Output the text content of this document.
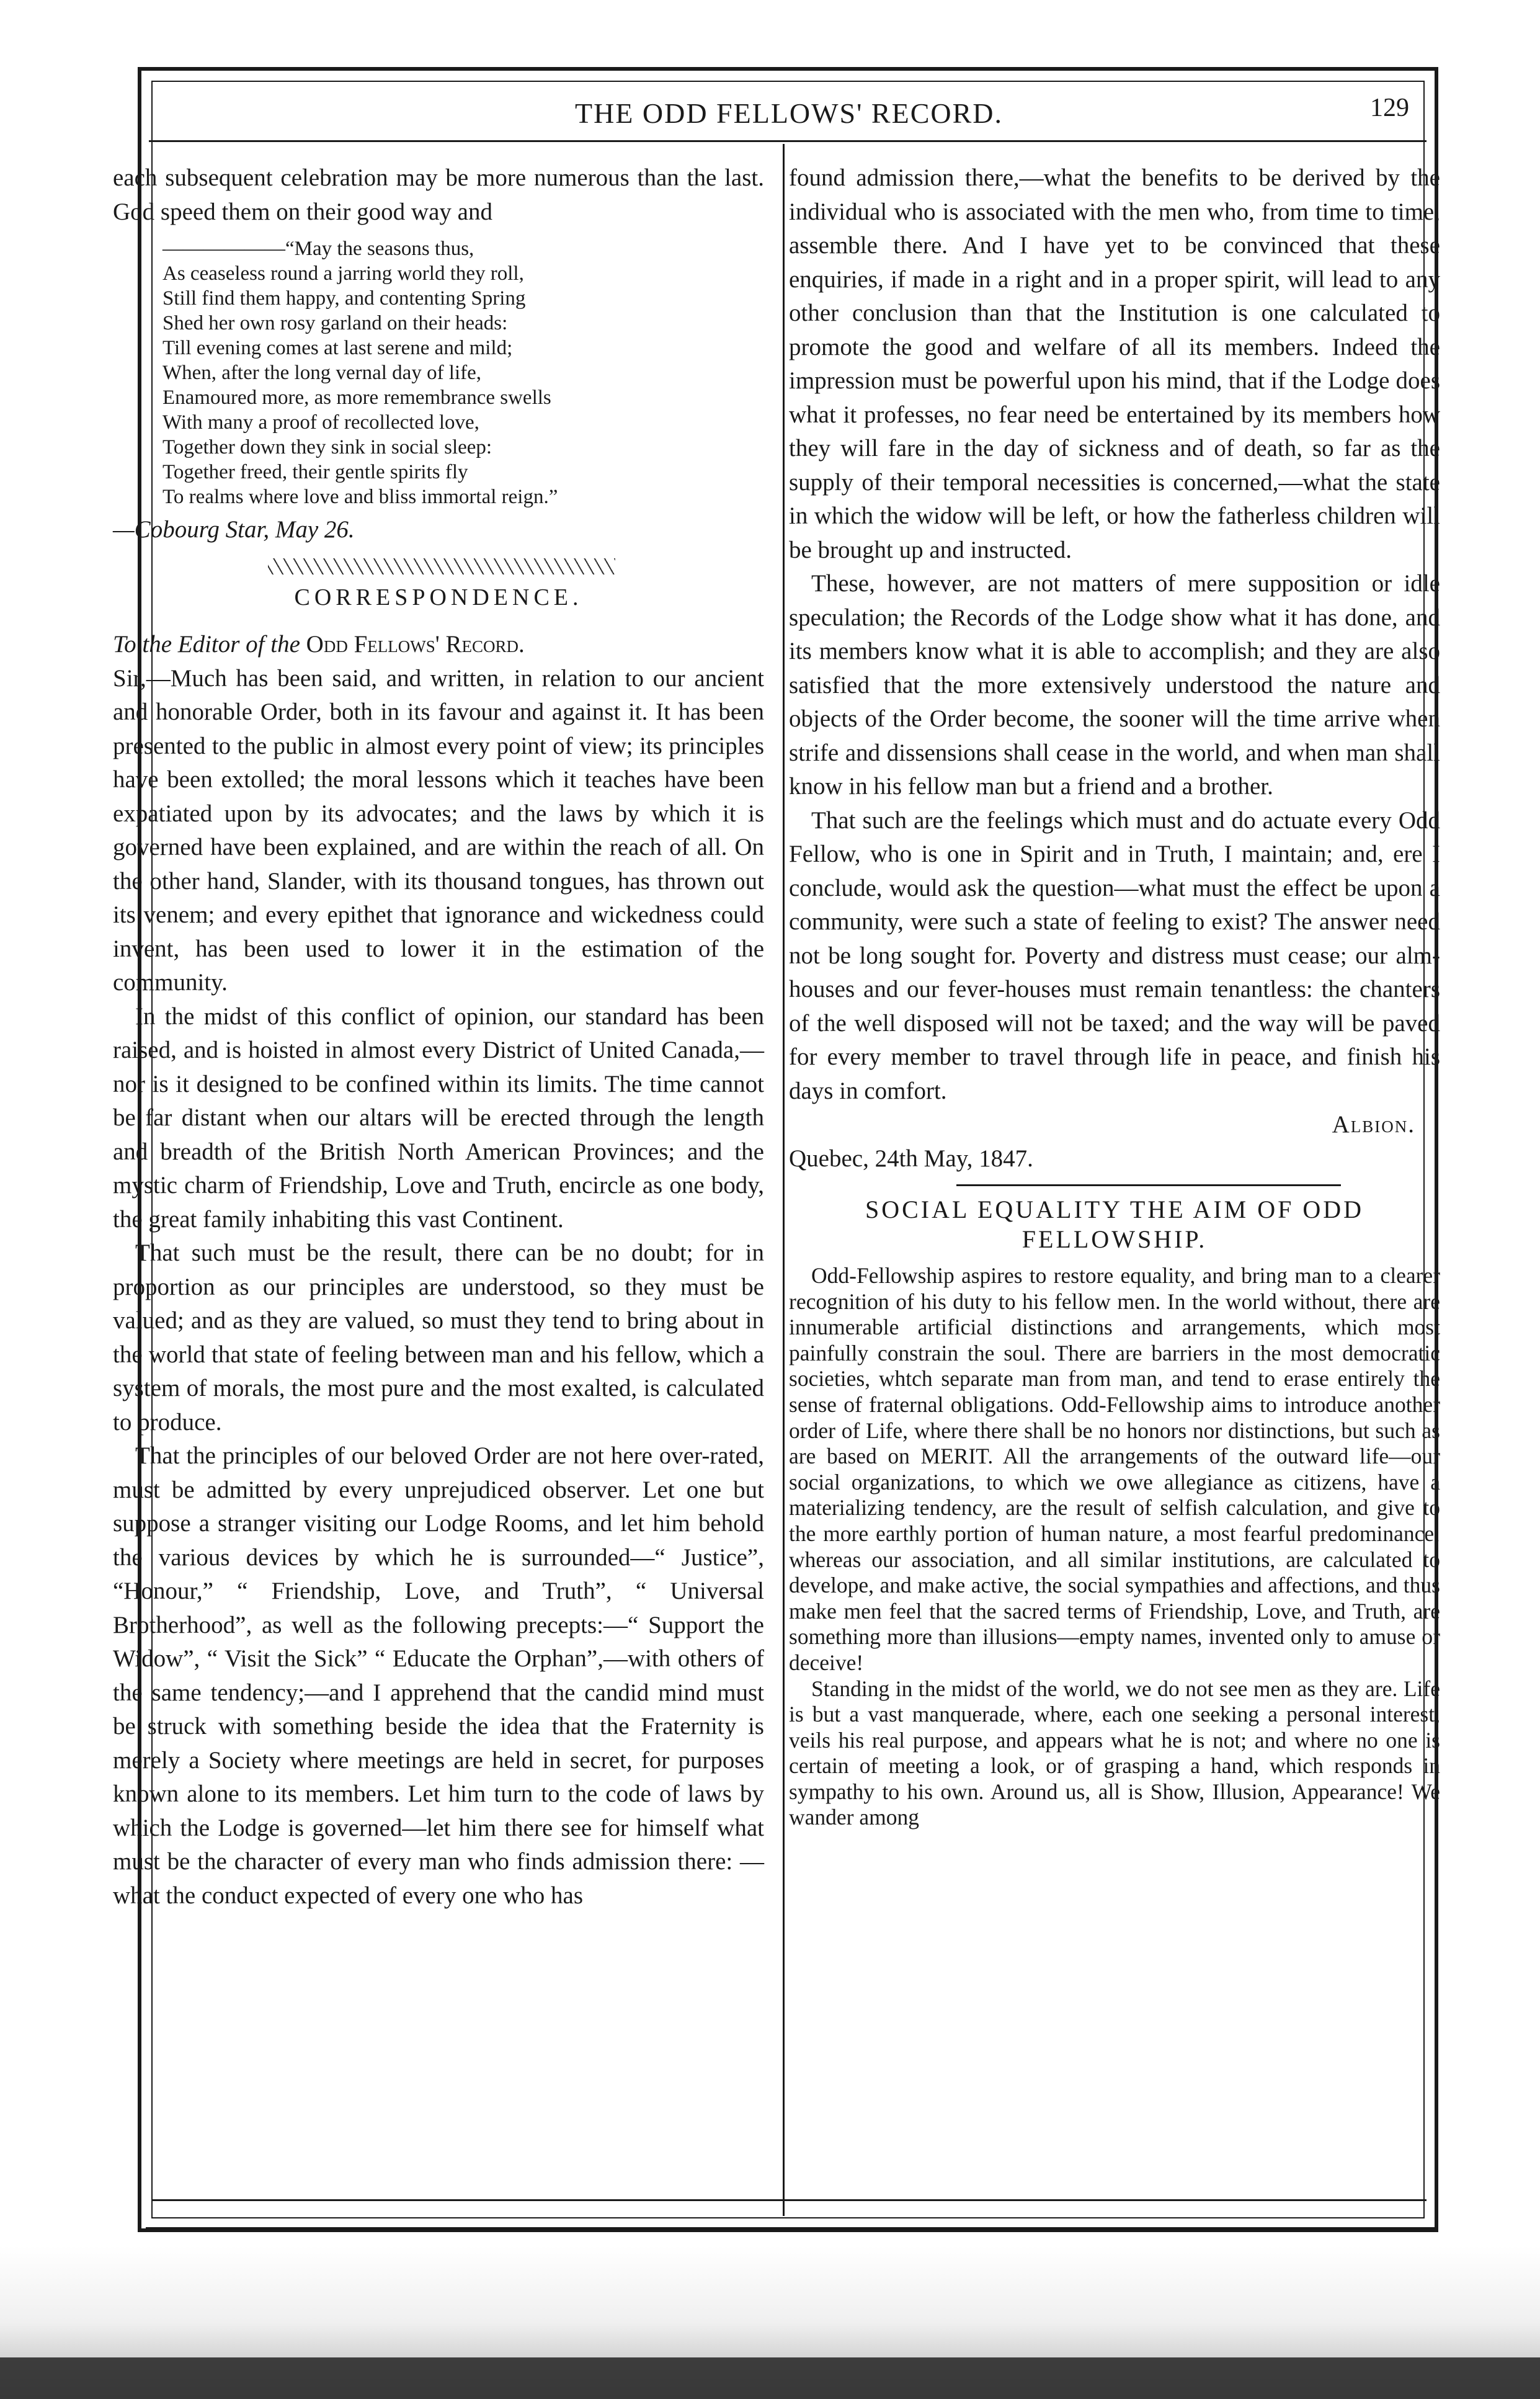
THE ODD FELLOWS' RECORD.	129

each subsequent celebration may be more numerous than the last. God speed them on their good way and

——————“May the seasons thus,
As ceaseless round a jarring world they roll,
Still find them happy, and contenting Spring
Shed her own rosy garland on their heads:
Till evening comes at last serene and mild;
When, after the long vernal day of life,
Enamoured more, as more remembrance swells
With many a proof of recollected love,
Together down they sink in social sleep:
Together freed, their gentle spirits fly
To realms where love and bliss immortal reign.”

—Cobourg Star, May 26.

CORRESPONDENCE.

To the Editor of the Odd Fellows' Record.

Sir,—Much has been said, and written, in relation to our ancient and honorable Order, both in its favour and against it. It has been presented to the public in almost every point of view; its principles have been extolled; the moral lessons which it teaches have been expatiated upon by its advocates; and the laws by which it is governed have been explained, and are within the reach of all. On the other hand, Slander, with its thousand tongues, has thrown out its venem; and every epithet that ignorance and wickedness could invent, has been used to lower it in the estimation of the community.

In the midst of this conflict of opinion, our standard has been raised, and is hoisted in almost every District of United Canada,—nor is it designed to be confined within its limits. The time cannot be far distant when our altars will be erected through the length and breadth of the British North American Provinces; and the mystic charm of Friendship, Love and Truth, encircle as one body, the great family inhabiting this vast Continent.

That such must be the result, there can be no doubt; for in proportion as our principles are understood, so they must be valued; and as they are valued, so must they tend to bring about in the world that state of feeling between man and his fellow, which a system of morals, the most pure and the most exalted, is calculated to produce.

That the principles of our beloved Order are not here over-rated, must be admitted by every unprejudiced observer. Let one but suppose a stranger visiting our Lodge Rooms, and let him behold the various devices by which he is surrounded—“ Justice”, “Honour,” “ Friendship, Love, and Truth”, “ Universal Brotherhood”, as well as the following precepts:—“ Support the Widow”, “ Visit the Sick” “ Educate the Orphan”,—with others of the same tendency;—and I apprehend that the candid mind must be struck with something beside the idea that the Fraternity is merely a Society where meetings are held in secret, for purposes known alone to its members. Let him turn to the code of laws by which the Lodge is governed—let him there see for himself what must be the character of every man who finds admission there: —what the conduct expected of every one who has

found admission there,—what the benefits to be derived by the individual who is associated with the men who, from time to time, assemble there. And I have yet to be convinced that these enquiries, if made in a right and in a proper spirit, will lead to any other conclusion than that the Institution is one calculated to promote the good and welfare of all its members. Indeed the impression must be powerful upon his mind, that if the Lodge does what it professes, no fear need be entertained by its members how they will fare in the day of sickness and of death, so far as the supply of their temporal necessities is concerned,—what the state in which the widow will be left, or how the fatherless children will be brought up and instructed.

These, however, are not matters of mere supposition or idle speculation; the Records of the Lodge show what it has done, and its members know what it is able to accomplish; and they are also satisfied that the more extensively understood the nature and objects of the Order become, the sooner will the time arrive when strife and dissensions shall cease in the world, and when man shall know in his fellow man but a friend and a brother.

That such are the feelings which must and do actuate every Odd Fellow, who is one in Spirit and in Truth, I maintain; and, ere I conclude, would ask the question—what must the effect be upon a community, were such a state of feeling to exist? The answer need not be long sought for. Poverty and distress must cease; our alm-houses and our fever-houses must remain tenantless: the chanters of the well disposed will not be taxed; and the way will be paved for every member to travel through life in peace, and finish his days in comfort.

Albion.

Quebec, 24th May, 1847.

SOCIAL EQUALITY THE AIM OF ODD FELLOWSHIP.

Odd-Fellowship aspires to restore equality, and bring man to a clearer recognition of his duty to his fellow men. In the world without, there are innumerable artificial distinctions and arrangements, which most painfully constrain the soul. There are barriers in the most democratic societies, whtch separate man from man, and tend to erase entirely the sense of fraternal obligations. Odd-Fellowship aims to introduce another order of Life, where there shall be no honors nor distinctions, but such as are based on MERIT. All the arrangements of the outward life—our social organizations, to which we owe allegiance as citizens, have a materializing tendency, are the result of selfish calculation, and give to the more earthly portion of human nature, a most fearful predominance; whereas our association, and all similar institutions, are calculated to develope, and make active, the social sympathies and affections, and thus make men feel that the sacred terms of Friendship, Love, and Truth, are something more than illusions—empty names, invented only to amuse or deceive!

Standing in the midst of the world, we do not see men as they are. Life is but a vast manquerade, where, each one seeking a personal interest, veils his real purpose, and appears what he is not; and where no one is certain of meeting a look, or of grasping a hand, which responds in sympathy to his own. Around us, all is Show, Illusion, Appearance! We wander among
